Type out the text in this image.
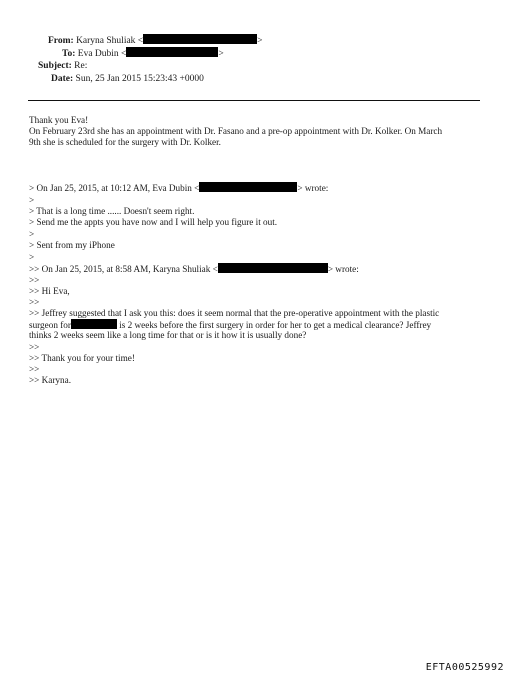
From: Karyna Shuliak <	>
To: Eva Dubin <	>
Subject: Re:
Date: Sun, 25 Jan 2015 15:23:43 +0000
Thank you Eva!
On February 23rd she has an appointment with Dr. Fasano and a pre-op appointment with Dr. Kolker. On March
9th she is scheduled for the surgery with Dr. Kolker.
> On Jan 25, 2015, at 10:12 AM, Eva Dubin <	> wrote:
>
> That is a long time ...... Doesn't seem right.
> Send me the appts you have now and I will help you figure it out.
>
> Sent from my iPhone
>
>> On Jan 25, 2015, at 8:58 AM, Karyna Shuliak <	> wrote:
>>
>> Hi Eva,
>>
>> Jeffrey suggested that I ask you this: does it seem normal that the pre-operative appointment with the plastic
surgeon for	is 2 weeks before the first surgery in order for her to get a medical clearance? Jeffrey
thinks 2 weeks seem like a long time for that or is it how it is usually done?
>>
>> Thank you for your time!
>>
>> Karyna.
EFTA00525992
